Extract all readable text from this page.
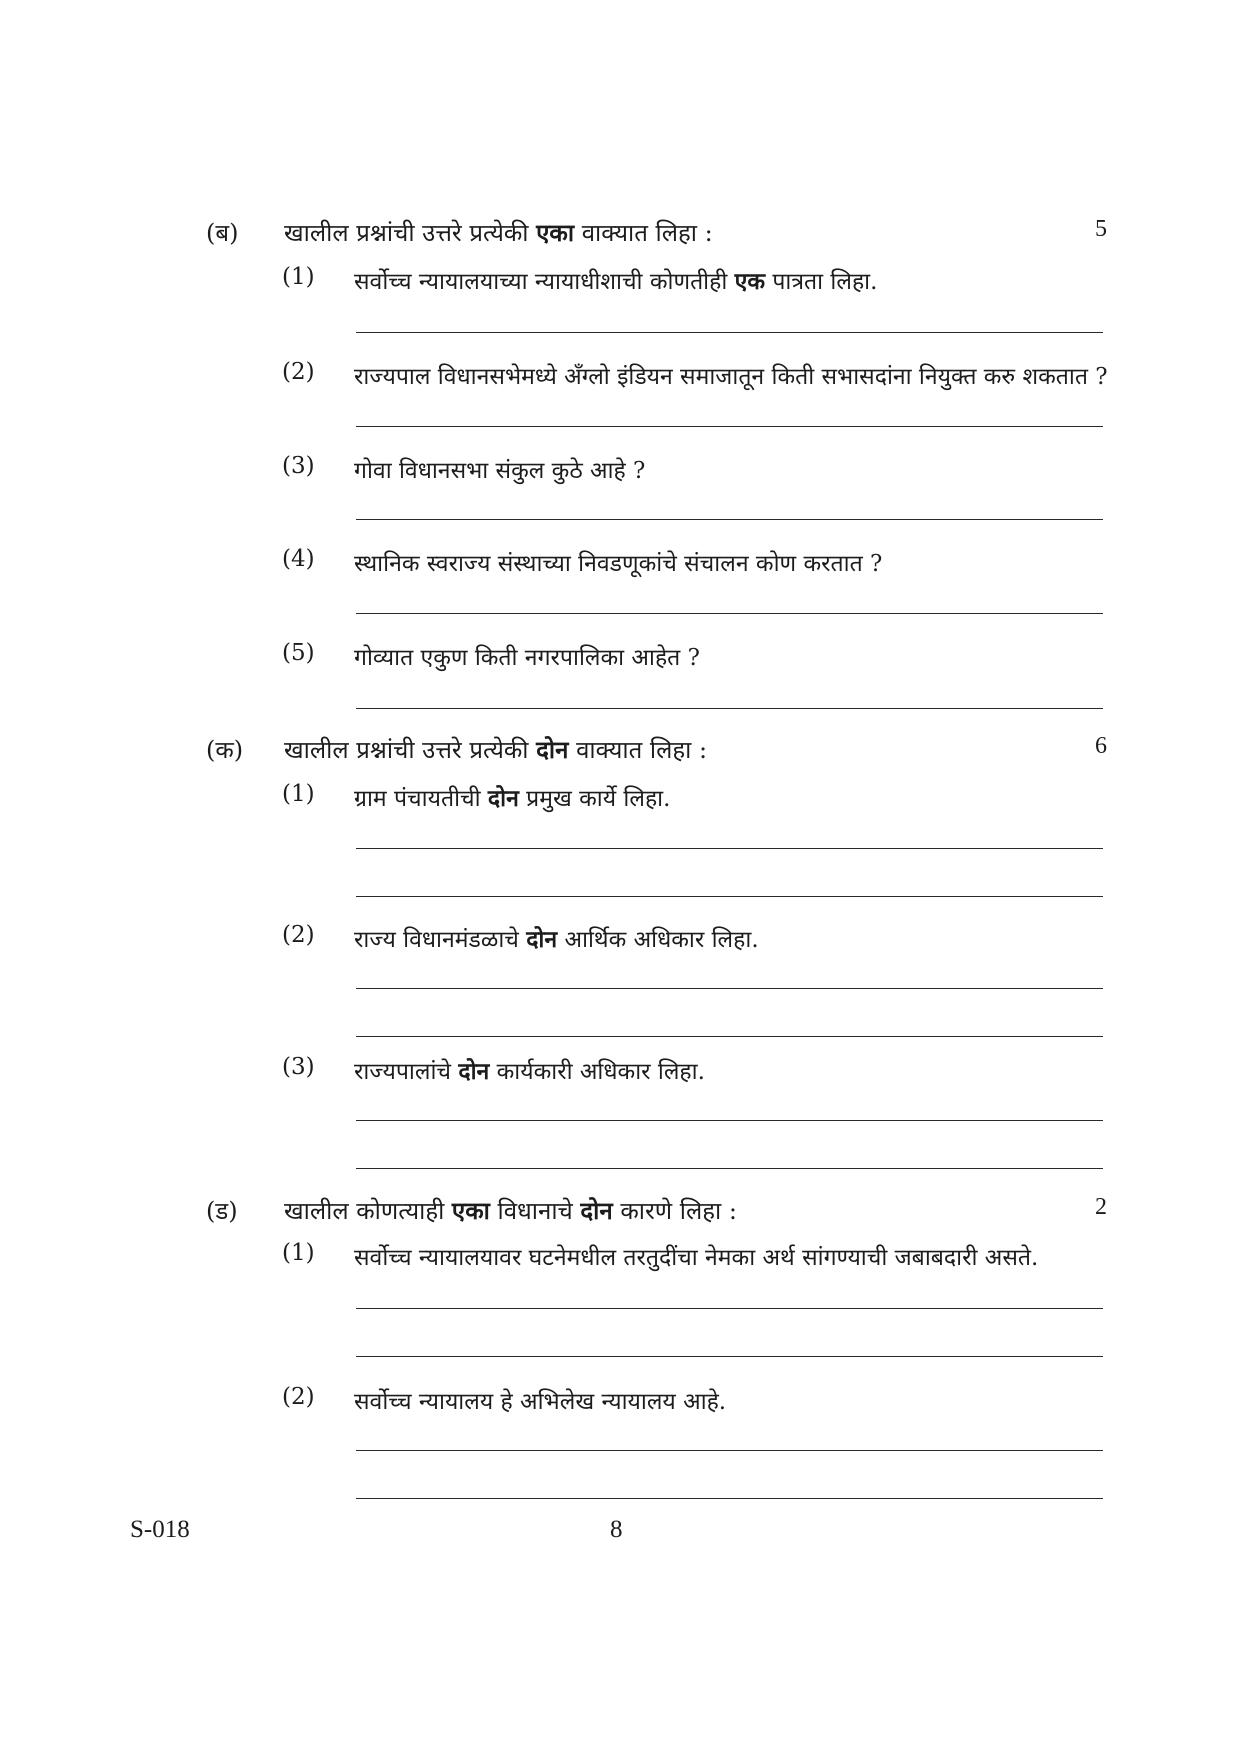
(ब) खालील प्रश्नांची उत्तरे प्रत्येकी एका वाक्यात लिहा :	5
(1) सर्वोच्च न्यायालयाच्या न्यायाधीशाची कोणतीही एक पात्रता लिहा.
(2) राज्यपाल विधानसभेमध्ये अँग्लो इंडियन समाजातून किती सभासदांना नियुक्त करु शकतात ?
(3) गोवा विधानसभा संकुल कुठे आहे ?
(4) स्थानिक स्वराज्य संस्थाच्या निवडणूकांचे संचालन कोण करतात ?
(5) गोव्यात एकुण किती नगरपालिका आहेत ?
(क) खालील प्रश्नांची उत्तरे प्रत्येकी दोन वाक्यात लिहा :	6
(1) ग्राम पंचायतीची दोन प्रमुख कार्ये लिहा.
(2) राज्य विधानमंडळाचे दोन आर्थिक अधिकार लिहा.
(3) राज्यपालांचे दोन कार्यकारी अधिकार लिहा.
(ड) खालील कोणत्याही एका विधानाचे दोन कारणे लिहा :	2
(1) सर्वोच्च न्यायालयावर घटनेमधील तरतुदींचा नेमका अर्थ सांगण्याची जबाबदारी असते.
(2) सर्वोच्च न्यायालय हे अभिलेख न्यायालय आहे.
S-018	8
